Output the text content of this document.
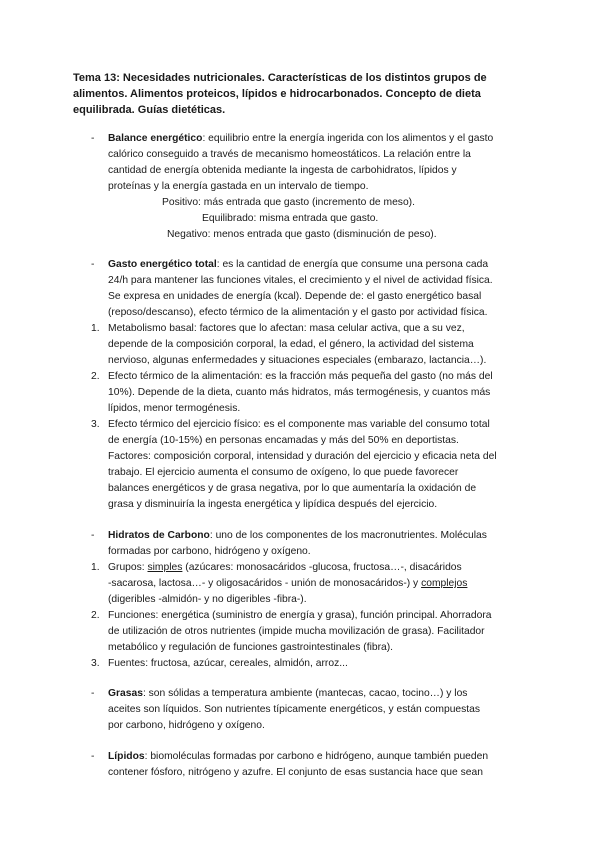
Tema 13: Necesidades nutricionales. Características de los distintos grupos de alimentos. Alimentos proteicos, lípidos e hidrocarbonados. Concepto de dieta equilibrada. Guías dietéticas.

- Balance energético: equilibrio entre la energía ingerida con los alimentos y el gasto
calórico conseguido a través de mecanismo homeostáticos. La relación entre la
cantidad de energía obtenida mediante la ingesta de carbohidratos, lípidos y
proteínas y la energía gastada en un intervalo de tiempo.
Positivo: más entrada que gasto (incremento de meso).
Equilibrado: misma entrada que gasto.
Negativo: menos entrada que gasto (disminución de peso).
- Gasto energético total: es la cantidad de energía que consume una persona cada
24/h para mantener las funciones vitales, el crecimiento y el nivel de actividad física.
Se expresa en unidades de energía (kcal). Depende de: el gasto energético basal
(reposo/descanso), efecto térmico de la alimentación y el gasto por actividad física.
1. Metabolismo basal: factores que lo afectan: masa celular activa, que a su vez,
depende de la composición corporal, la edad, el género, la actividad del sistema
nervioso, algunas enfermedades y situaciones especiales (embarazo, lactancia…).
2. Efecto térmico de la alimentación: es la fracción más pequeña del gasto (no más del
10%). Depende de la dieta, cuanto más hidratos, más termogénesis, y cuantos más
lípidos, menor termogénesis.
3. Efecto térmico del ejercicio físico: es el componente mas variable del consumo total
de energía (10-15%) en personas encamadas y más del 50% en deportistas.
Factores: composición corporal, intensidad y duración del ejercicio y eficacia neta del
trabajo. El ejercicio aumenta el consumo de oxígeno, lo que puede favorecer
balances energéticos y de grasa negativa, por lo que aumentaría la oxidación de
grasa y disminuiría la ingesta energética y lipídica después del ejercicio.
- Hidratos de Carbono: uno de los componentes de los macronutrientes. Moléculas
formadas por carbono, hidrógeno y oxígeno.
1. Grupos: simples (azúcares: monosacáridos -glucosa, fructosa…-, disacáridos
-sacarosa, lactosa…- y oligosacáridos - unión de monosacáridos-) y complejos
(digeribles -almidón- y no digeribles -fibra-).
2. Funciones: energética (suministro de energía y grasa), función principal. Ahorradora
de utilización de otros nutrientes (impide mucha movilización de grasa). Facilitador
metabólico y regulación de funciones gastrointestinales (fibra).
3. Fuentes: fructosa, azúcar, cereales, almidón, arroz...
- Grasas: son sólidas a temperatura ambiente (mantecas, cacao, tocino…) y los
aceites son líquidos. Son nutrientes típicamente energéticos, y están compuestas
por carbono, hidrógeno y oxígeno.
- Lípidos: biomoléculas formadas por carbono e hidrógeno, aunque también pueden
contener fósforo, nitrógeno y azufre. El conjunto de esas sustancia hace que sean
